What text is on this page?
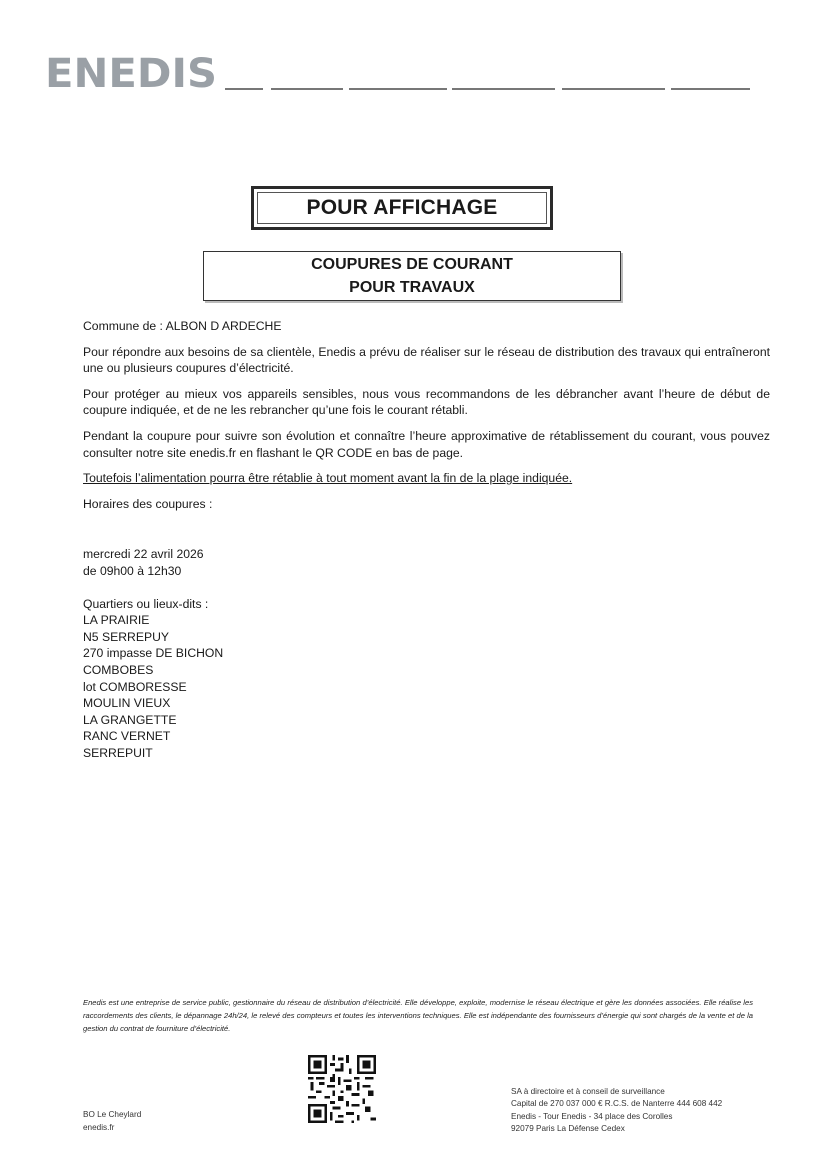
ENEDIS
POUR AFFICHAGE
COUPURES DE COURANT
POUR TRAVAUX

Commune de : ALBON D ARDECHE

Pour répondre aux besoins de sa clientèle, Enedis a prévu de réaliser sur le réseau de distribution des travaux qui entraîneront une ou plusieurs coupures d’électricité.

Pour protéger au mieux vos appareils sensibles, nous vous recommandons de les débrancher avant l’heure de début de coupure indiquée, et de ne les rebrancher qu’une fois le courant rétabli.

Pendant la coupure pour suivre son évolution et connaître l’heure approximative de rétablissement du courant, vous pouvez consulter notre site enedis.fr en flashant le QR CODE en bas de page.

Toutefois l’alimentation pourra être rétablie à tout moment avant la fin de la plage indiquée.

Horaires des coupures :

mercredi 22 avril 2026

de 09h00 à 12h30

Quartiers ou lieux-dits :

LA PRAIRIE

N5 SERREPUY

270 impasse DE BICHON

COMBOBES

lot COMBORESSE

MOULIN VIEUX

LA GRANGETTE

RANC VERNET

SERREPUIT

Enedis est une entreprise de service public, gestionnaire du réseau de distribution d’électricité. Elle développe, exploite, modernise le réseau électrique et gère les données associées. Elle réalise les raccordements des clients, le dépannage 24h/24, le relevé des compteurs et toutes les interventions techniques. Elle est indépendante des fournisseurs d’énergie qui sont chargés de la vente et de la gestion du contrat de fourniture d’électricité.
BO Le Cheylard
enedis.fr
SA à directoire et à conseil de surveillance
Capital de 270 037 000 € R.C.S. de Nanterre 444 608 442
Enedis - Tour Enedis - 34 place des Corolles
92079 Paris La Défense Cedex
